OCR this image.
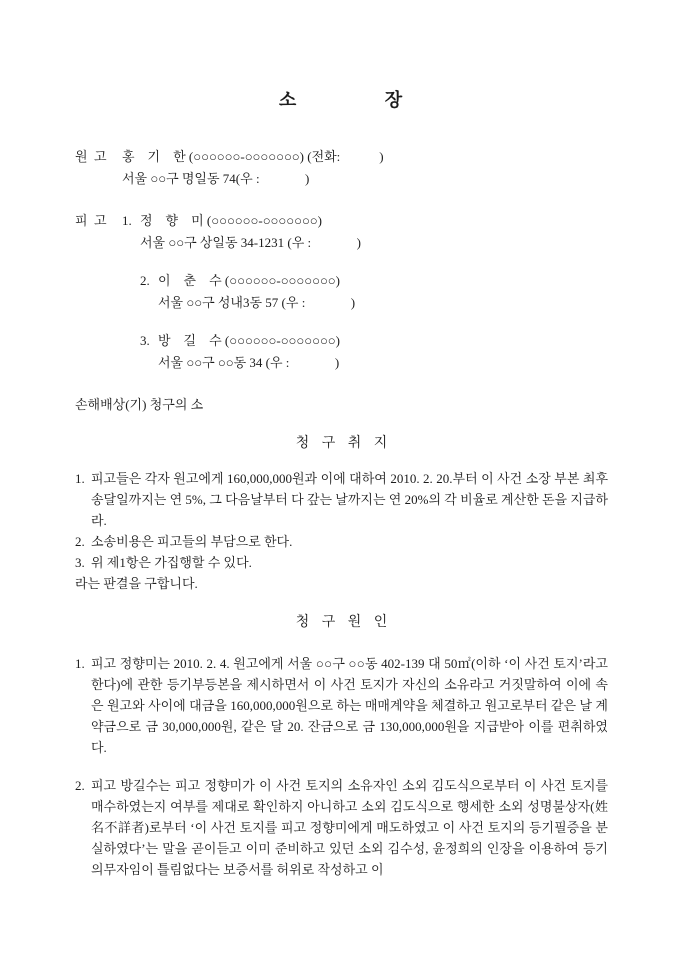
소 장
원  고	홍    기    한 (○○○○○○-○○○○○○○) (전화:            )
서울 ○○구 명일동 74(우 :              )
피  고	1. 정    향    미 (○○○○○○-○○○○○○○)
서울 ○○구 상일동 34-1231 (우 :              )
2. 이    춘    수 (○○○○○○-○○○○○○○)
서울 ○○구 성내3동 57 (우 :              )
3. 방    길    수 (○○○○○○-○○○○○○○)
서울 ○○구 ○○동 34 (우 :              )
손해배상(기) 청구의 소
청 구 취 지
1. 피고들은 각자 원고에게 160,000,000원과 이에 대하여 2010. 2. 20.부터 이 사건 소장 부본 최후송달일까지는 연 5%, 그 다음날부터 다 갚는 날까지는 연 20%의 각 비율로 계산한 돈을 지급하라.
2. 소송비용은 피고들의 부담으로 한다.
3. 위 제1항은 가집행할 수 있다.
라는 판결을 구합니다.
청 구 원 인
1. 피고 정향미는 2010. 2. 4. 원고에게 서울 ○○구 ○○동 402-139 대 50㎡(이하 ‘이 사건 토지’라고 한다)에 관한 등기부등본을 제시하면서 이 사건 토지가 자신의 소유라고 거짓말하여 이에 속은 원고와 사이에 대금을 160,000,000원으로 하는 매매계약을 체결하고 원고로부터 같은 날 계약금으로 금 30,000,000원, 같은 달 20. 잔금으로 금 130,000,000원을 지급받아 이를 편취하였다.
2. 피고 방길수는 피고 정향미가 이 사건 토지의 소유자인 소외 김도식으로부터 이 사건 토지를 매수하였는지 여부를 제대로 확인하지 아니하고 소외 김도식으로 행세한 소외 성명불상자(姓名不詳者)로부터 ‘이 사건 토지를 피고 정향미에게 매도하였고 이 사건 토지의 등기필증을 분실하였다’는 말을 곧이듣고 이미 준비하고 있던 소외 김수성, 윤정희의 인장을 이용하여 등기의무자임이 틀림없다는 보증서를 허위로 작성하고 이
